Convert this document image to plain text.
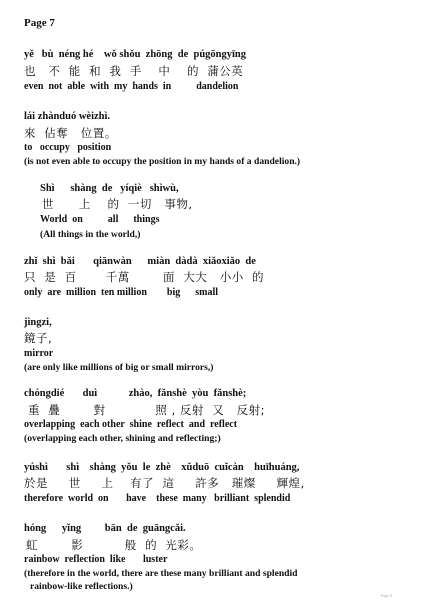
Page 7
yě   bù  néng hé    wǒ shǒu  zhōng  de  púgōngyīng
也   不  能  和  我  手    中    的  蒲公英
even  not  able  with  my  hands  in          dandelion
lái zhànduó wèizhì.
來  佔奪   位置。
to   occupy   position
(is not even able to occupy the position in my hands of a dandelion.)
Shì      shàng  de   yíqiè   shìwù,
世      上    的  一切   事物,
World  on          all      things
(All things in the world,)
zhǐ  shì  bǎi       qiānwàn      miàn  dàdà  xiǎoxiǎo  de
只  是  百       千萬        面  大大   小小  的
only  are  million  ten million        big      small
jìngzi,
鏡子,
mirror
(are only like millions of big or small mirrors,)
chóngdié       duì            zhào,  fǎnshè  yòu  fǎnshè;
重  疊        對            照 , 反射  又   反射;
overlapping  each other  shine  reflect  and  reflect
(overlapping each other, shining and reflecting;)
yúshì       shì    shàng  yǒu  le  zhè    xǔduō  cuǐcàn    huīhuáng,
於是     世     上    有了  這     許多   璀燦     輝煌,
therefore  world  on       have    these  many   brilliant  splendid
hóng      yǐng         bān  de  guāngcǎi.
虹        影          般  的  光彩。
rainbow  reflection  like       luster
(therefore in the world, there are these many brilliant and splendid
rainbow-like reflections.)
Page 8
